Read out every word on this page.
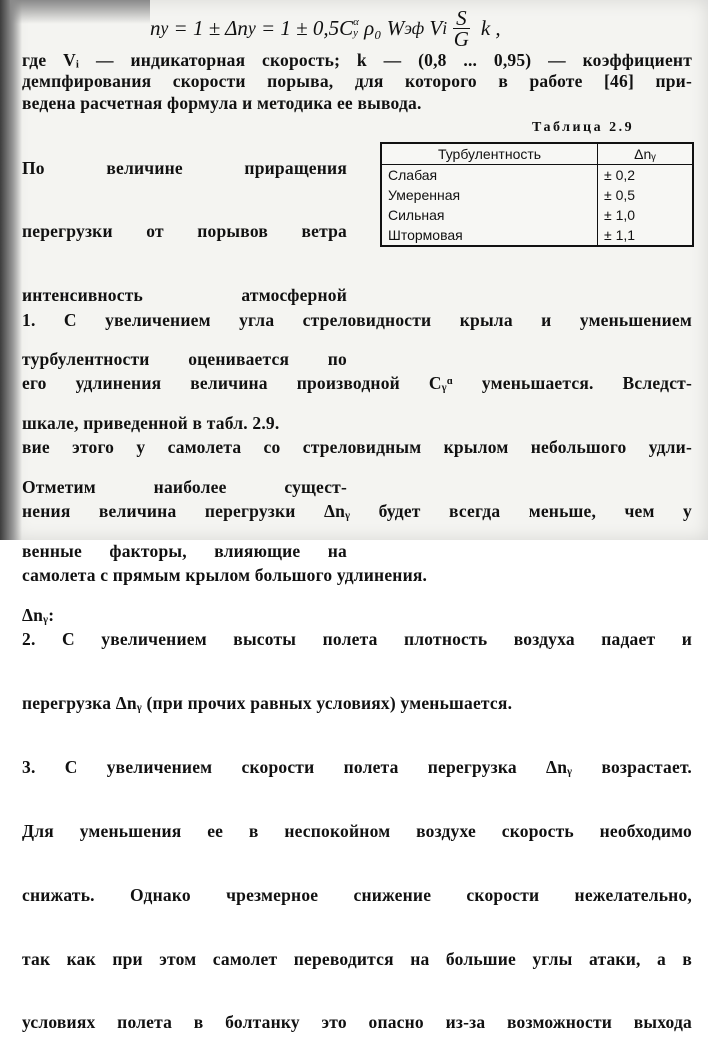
n y = 1 ± Δn y = 1 ± 0,5C α
y ρ₀ W эф V i $\frac{S}{G}$ k ,

где Vᵢ — индикаторная скорость; k — (0,8 ... 0,95) — коэффициент
демпфирования скорости порыва, для которого в работе [46] при-
ведена расчетная формула и методика ее вывода.

По величине приращения

перегрузки от порывов ветра

интенсивность атмосферной

турбулентности оценивается по

шкале, приведенной в табл. 2.9.

Отметим наиболее сущест-

венные факторы, влияющие на

Δnᵧ:

Таблица 2.9
Турбулентность	Δnᵧ
Слабая	± 0,2
Умеренная	± 0,5
Сильная	± 1,0
Штормовая	± 1,1

1. С увеличением угла стреловидности крыла и уменьшением

его удлинения величина производной Cᵧᵅ уменьшается. Вследст-

вие этого у самолета со стреловидным крылом небольшого удли-

нения величина перегрузки Δnᵧ будет всегда меньше, чем у

самолета с прямым крылом большого удлинения.

2. С увеличением высоты полета плотность воздуха падает и

перегрузка Δnᵧ (при прочих равных условиях) уменьшается.

3. С увеличением скорости полета перегрузка Δnᵧ возрастает.

Для уменьшения ее в неспокойном воздухе скорость необходимо

снижать. Однако чрезмерное снижение скорости нежелательно,

так как при этом самолет переводится на большие углы атаки, а в

условиях полета в болтанку это опасно из-за возможности выхода
